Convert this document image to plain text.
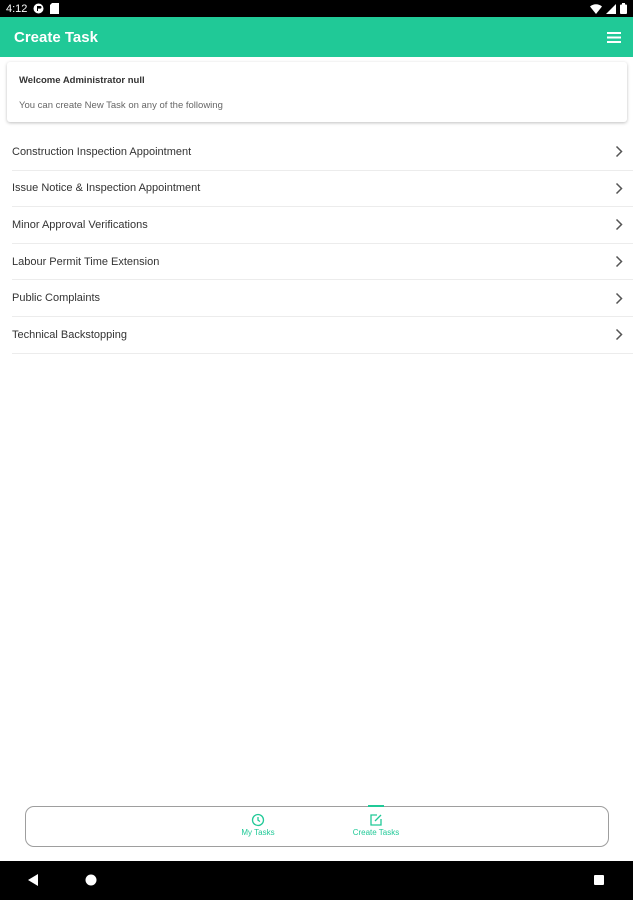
4:12
Create Task
Welcome Administrator null
You can create New Task on any of the following
Construction Inspection Appointment
Issue Notice & Inspection Appointment
Minor Approval Verifications
Labour Permit Time Extension
Public Complaints
Technical Backstopping
My Tasks	Create Tasks
